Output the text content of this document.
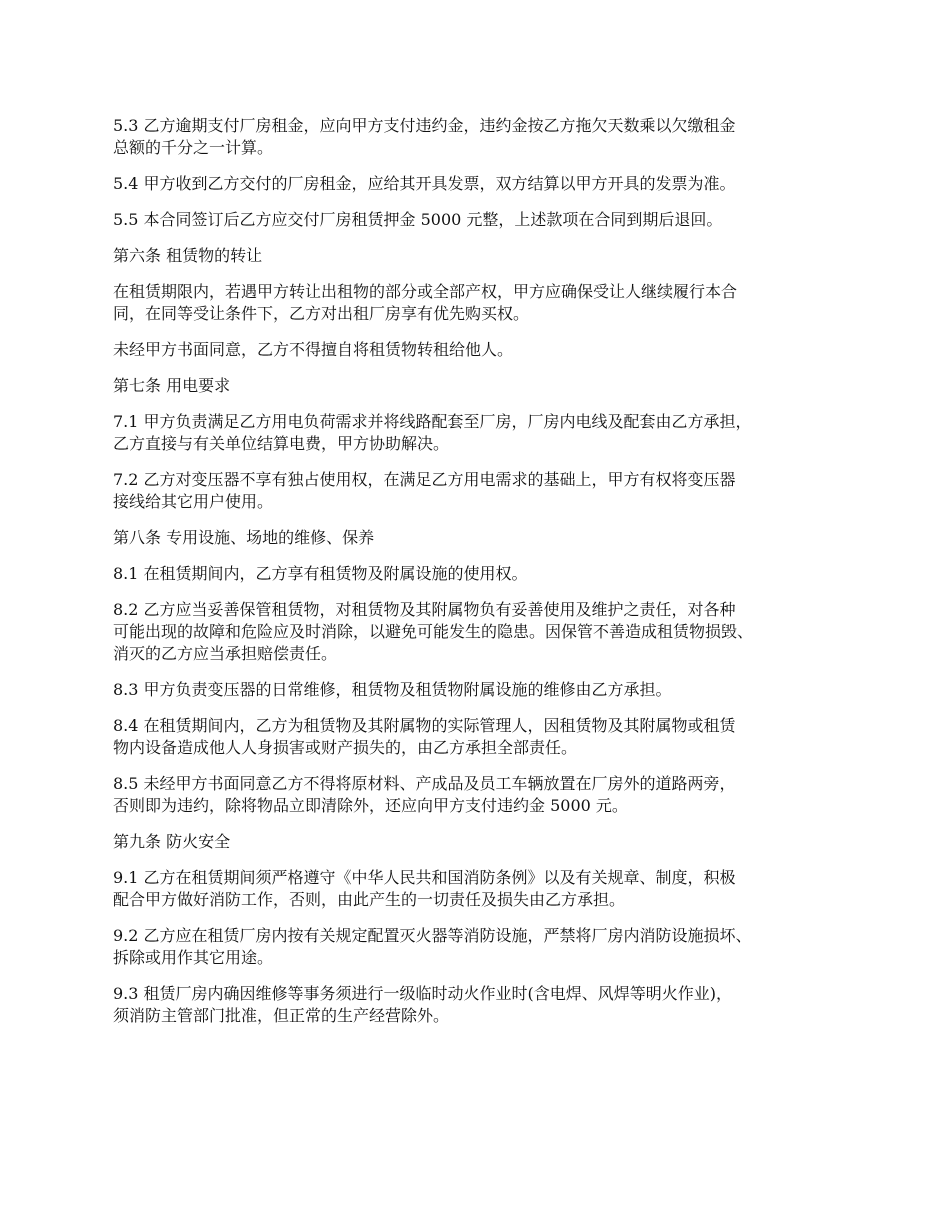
5.3 乙方逾期支付厂房租金，应向甲方支付违约金，违约金按乙方拖欠天数乘以欠缴租金
总额的千分之一计算。

5.4 甲方收到乙方交付的厂房租金，应给其开具发票，双方结算以甲方开具的发票为准。

5.5 本合同签订后乙方应交付厂房租赁押金 5000 元整，上述款项在合同到期后退回。

第六条 租赁物的转让

在租赁期限内，若遇甲方转让出租物的部分或全部产权，甲方应确保受让人继续履行本合
同，在同等受让条件下，乙方对出租厂房享有优先购买权。

未经甲方书面同意，乙方不得擅自将租赁物转租给他人。

第七条 用电要求

7.1 甲方负责满足乙方用电负荷需求并将线路配套至厂房，厂房内电线及配套由乙方承担，
乙方直接与有关单位结算电费，甲方协助解决。

7.2 乙方对变压器不享有独占使用权，在满足乙方用电需求的基础上，甲方有权将变压器
接线给其它用户使用。

第八条 专用设施、场地的维修、保养

8.1 在租赁期间内，乙方享有租赁物及附属设施的使用权。

8.2 乙方应当妥善保管租赁物，对租赁物及其附属物负有妥善使用及维护之责任，对各种
可能出现的故障和危险应及时消除，以避免可能发生的隐患。因保管不善造成租赁物损毁、
消灭的乙方应当承担赔偿责任。

8.3 甲方负责变压器的日常维修，租赁物及租赁物附属设施的维修由乙方承担。

8.4 在租赁期间内，乙方为租赁物及其附属物的实际管理人，因租赁物及其附属物或租赁
物内设备造成他人人身损害或财产损失的，由乙方承担全部责任。

8.5 未经甲方书面同意乙方不得将原材料、产成品及员工车辆放置在厂房外的道路两旁，
否则即为违约，除将物品立即清除外，还应向甲方支付违约金 5000 元。

第九条 防火安全

9.1 乙方在租赁期间须严格遵守《中华人民共和国消防条例》以及有关规章、制度，积极
配合甲方做好消防工作，否则，由此产生的一切责任及损失由乙方承担。

9.2 乙方应在租赁厂房内按有关规定配置灭火器等消防设施，严禁将厂房内消防设施损坏、
拆除或用作其它用途。

9.3 租赁厂房内确因维修等事务须进行一级临时动火作业时(含电焊、风焊等明火作业)，
须消防主管部门批准，但正常的生产经营除外。
